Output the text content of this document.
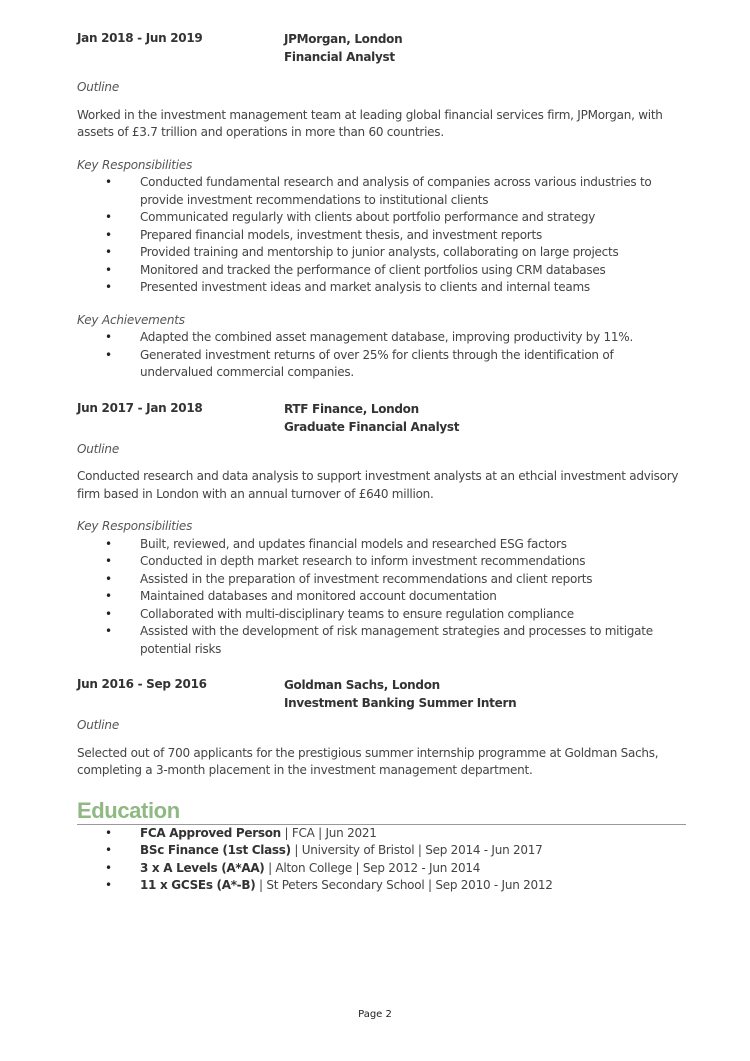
Jan 2018 - Jun 2019	JPMorgan, London
Financial Analyst
Outline
Worked in the investment management team at leading global financial services firm, JPMorgan, with assets of £3.7 trillion and operations in more than 60 countries.
Key Responsibilities
• Conducted fundamental research and analysis of companies across various industries to provide investment recommendations to institutional clients
• Communicated regularly with clients about portfolio performance and strategy
• Prepared financial models, investment thesis, and investment reports
• Provided training and mentorship to junior analysts, collaborating on large projects
• Monitored and tracked the performance of client portfolios using CRM databases
• Presented investment ideas and market analysis to clients and internal teams
Key Achievements
• Adapted the combined asset management database, improving productivity by 11%.
• Generated investment returns of over 25% for clients through the identification of undervalued commercial companies.
Jun 2017 - Jan 2018	RTF Finance, London
Graduate Financial Analyst
Outline
Conducted research and data analysis to support investment analysts at an ethcial investment advisory firm based in London with an annual turnover of £640 million.
Key Responsibilities
• Built, reviewed, and updates financial models and researched ESG factors
• Conducted in depth market research to inform investment recommendations
• Assisted in the preparation of investment recommendations and client reports
• Maintained databases and monitored account documentation
• Collaborated with multi-disciplinary teams to ensure regulation compliance
• Assisted with the development of risk management strategies and processes to mitigate potential risks
Jun 2016 - Sep 2016	Goldman Sachs, London
Investment Banking Summer Intern
Outline
Selected out of 700 applicants for the prestigious summer internship programme at Goldman Sachs, completing a 3-month placement in the investment management department.
Education
• FCA Approved Person | FCA | Jun 2021
• BSc Finance (1st Class) | University of Bristol | Sep 2014 - Jun 2017
• 3 x A Levels (A*AA) | Alton College | Sep 2012 - Jun 2014
• 11 x GCSEs (A*-B) | St Peters Secondary School | Sep 2010 - Jun 2012
Page 2
